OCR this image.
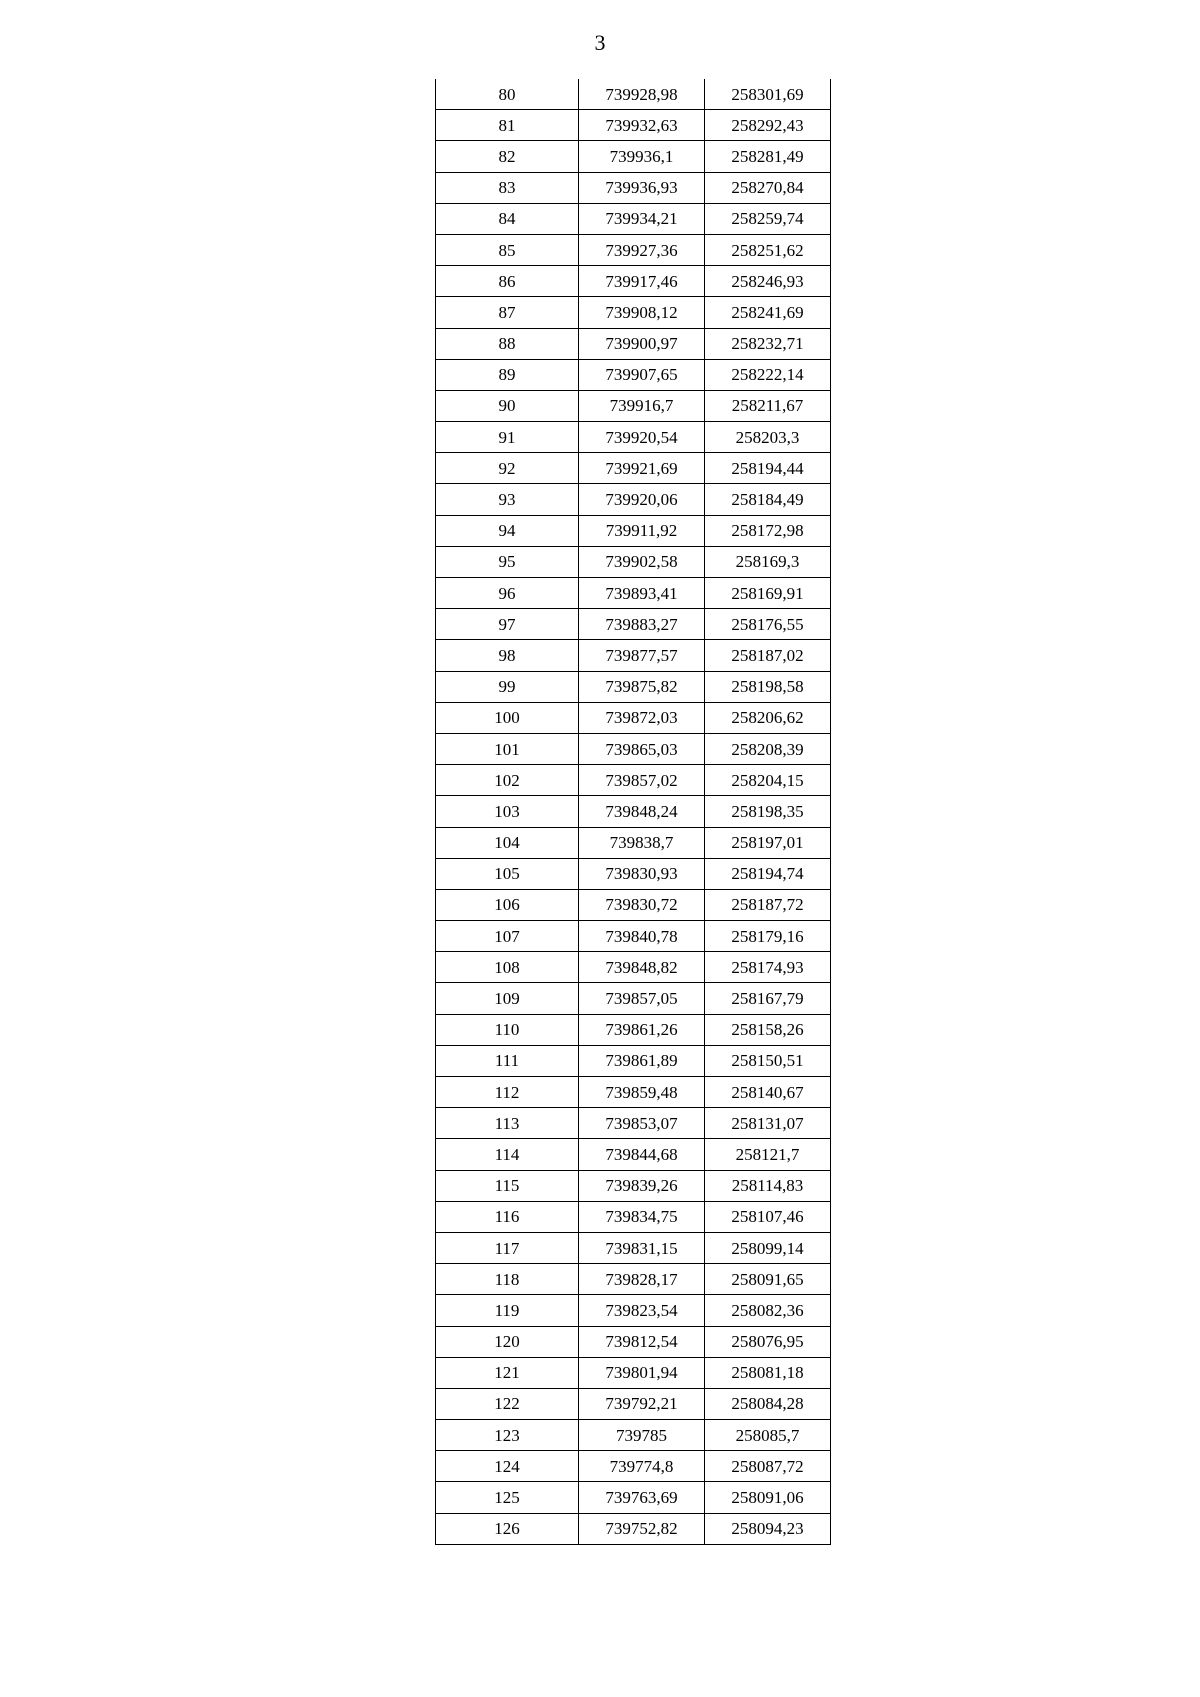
3
80	739928,98	258301,69
81	739932,63	258292,43
82	739936,1	258281,49
83	739936,93	258270,84
84	739934,21	258259,74
85	739927,36	258251,62
86	739917,46	258246,93
87	739908,12	258241,69
88	739900,97	258232,71
89	739907,65	258222,14
90	739916,7	258211,67
91	739920,54	258203,3
92	739921,69	258194,44
93	739920,06	258184,49
94	739911,92	258172,98
95	739902,58	258169,3
96	739893,41	258169,91
97	739883,27	258176,55
98	739877,57	258187,02
99	739875,82	258198,58
100	739872,03	258206,62
101	739865,03	258208,39
102	739857,02	258204,15
103	739848,24	258198,35
104	739838,7	258197,01
105	739830,93	258194,74
106	739830,72	258187,72
107	739840,78	258179,16
108	739848,82	258174,93
109	739857,05	258167,79
110	739861,26	258158,26
111	739861,89	258150,51
112	739859,48	258140,67
113	739853,07	258131,07
114	739844,68	258121,7
115	739839,26	258114,83
116	739834,75	258107,46
117	739831,15	258099,14
118	739828,17	258091,65
119	739823,54	258082,36
120	739812,54	258076,95
121	739801,94	258081,18
122	739792,21	258084,28
123	739785	258085,7
124	739774,8	258087,72
125	739763,69	258091,06
126	739752,82	258094,23
